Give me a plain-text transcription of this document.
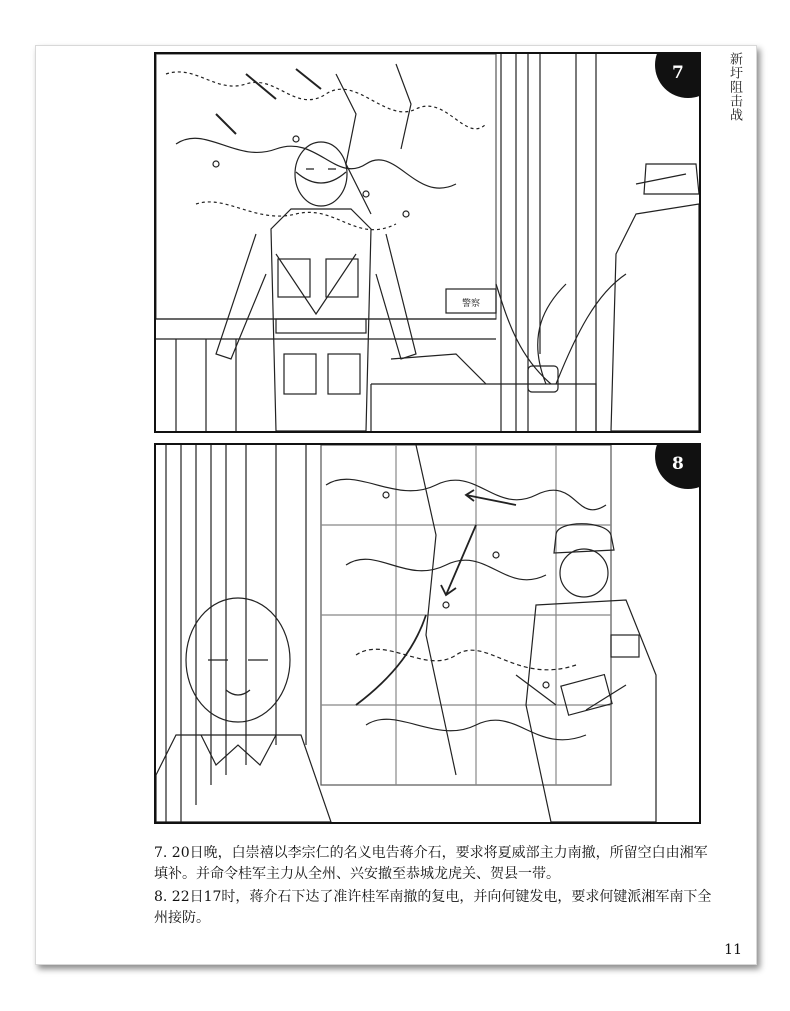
新圩阻击战
警察
7
8

7. 20日晚，白崇禧以李宗仁的名义电告蒋介石，要求将夏威部主力南撤，所留空白由湘军填补。并命令桂军主力从全州、兴安撤至恭城龙虎关、贺县一带。

8. 22日17时，蒋介石下达了准许桂军南撤的复电，并向何键发电，要求何键派湘军南下全州接防。

11
